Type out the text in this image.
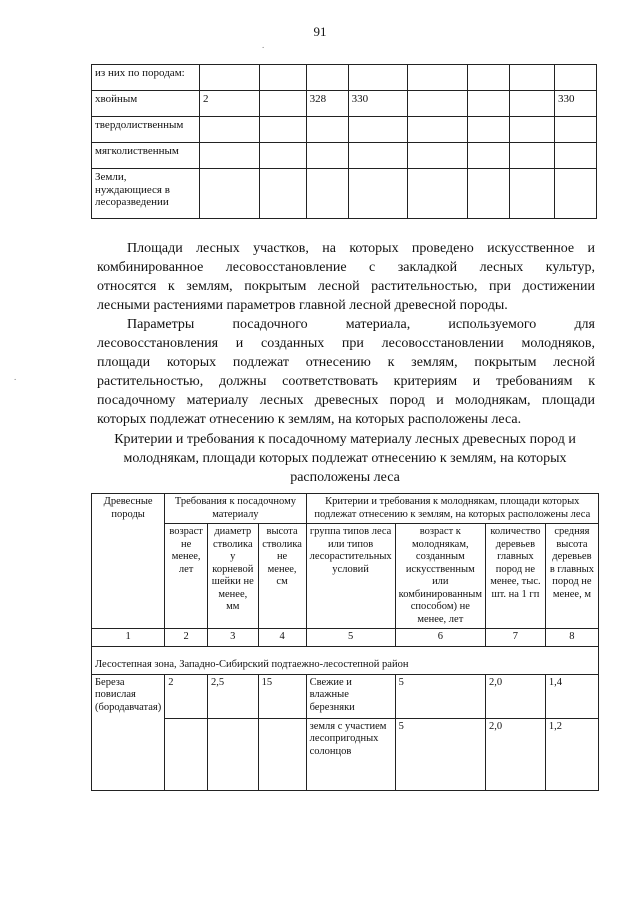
91
.
.
из них по породам:								
хвойным	2		328	330				330
твердолиственным								
мягколиственным								

Земли,
нуждающиеся в
лесоразведении								

Площади лесных участков, на которых проведено искусственное и
комбинированное лесовосстановление с закладкой лесных культур,
относятся к землям, покрытым лесной растительностью, при достижении
лесными растениями параметров главной лесной древесной породы.
Параметры посадочного материала, используемого для
лесовосстановления и созданных при лесовосстановлении молодняков,
площади которых подлежат отнесению к землям, покрытым лесной
растительностью, должны соответствовать критериям и требованиям к
посадочному материалу лесных древесных пород и молоднякам, площади
которых подлежат отнесению к землям, на которых расположены леса.
Критерии и требования к посадочному материалу лесных древесных пород и
молоднякам, площади которых подлежат отнесению к землям, на которых
расположены леса
Древесные породы	Требования к посадочному материалу			Критерии и требования к молоднякам, площади которых подлежат отнесению к землям, на которых расположены леса			
	возраст не менее, лет	диаметр стволика у корневой шейки не менее, мм	высота стволика не менее, см	группа типов леса или типов лесорастительных условий	возраст к молоднякам, созданным искусственным или комбинированным способом) не менее, лет	количество деревьев главных пород не менее, тыс. шт. на 1 гп	средняя высота деревьев в главных пород не менее, м
1	2	3	4	5	6	7	8
Лесостепная зона, Западно-Сибирский подтаежно-лесостепной район							
Береза повислая (бородавчатая)	2	2,5	15	Свежие и влажные березняки	5	2,0	1,4
				земля с участием лесопригодных солонцов	5	2,0	1,2
